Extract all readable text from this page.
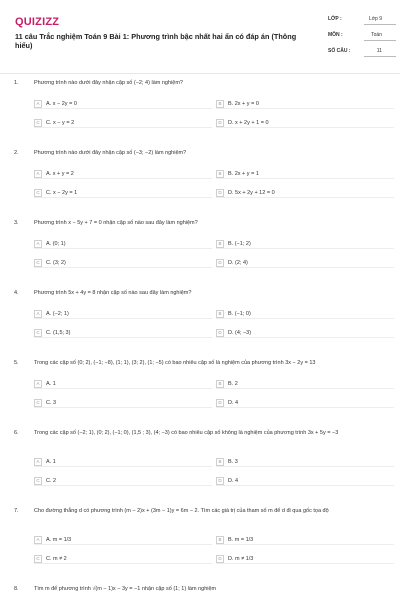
QUIZIZZ
11 câu Trắc nghiệm Toán 9 Bài 1: Phương trình bậc nhất hai ẩn có đáp án (Thông hiểu)
LỚP :	Lớp 9
MÔN :	Toán
SỐ CÂU :	11
1.	Phương trình nào dưới đây nhận cặp số (−2; 4) làm nghiệm?
A	A. x − 2y = 0	B	B. 2x + y = 0
C	C. x − y = 2	D	D. x + 2y + 1 = 0
2.	Phương trình nào dưới đây nhận cặp số (−3; −2) làm nghiệm?
A	A. x + y = 2	B	B. 2x + y = 1
C	C. x − 2y = 1	D	D. 5x + 2y + 12 = 0
3.	Phương trình x − 5y + 7 = 0 nhận cặp số nào sau đây làm nghiệm?
A	A. (0; 1)	B	B. (−1; 2)
C	C. (3; 2)	D	D. (2; 4)
4.	Phương trình 5x + 4y = 8 nhận cặp số nào sau đây làm nghiệm?
A	A. (−2; 1)	B	B. (−1; 0)
C	C. (1,5; 3)	D	D. (4; −3)
5.	Trong các cặp số (0; 2), (−1; −8), (1; 1), (3; 2), (1; −5) có bao nhiêu cặp số là nghiệm của phương trình 3x − 2y = 13
A	A. 1	B	B. 2
C	C. 3	D	D. 4
6.	Trong các cặp số (−2; 1), (0; 2), (−1; 0), (1,5 ; 3), (4; −3) có bao nhiêu cặp số không là nghiệm của phương trình 3x + 5y = −3
A	A. 1	B	B. 3
C	C. 2	D	D. 4
7.	Cho đường thẳng d có phương trình (m − 2)x + (3m − 1)y = 6m − 2. Tìm các giá trị của tham số m để d đi qua gốc tọa độ
A	A. m = 1/3	B	B. m = 1/3
C	C. m ≠ 2	D	D. m ≠ 1/3
8.	Tìm m để phương trình √(m − 1)x − 3y = −1 nhận cặp số (1; 1) làm nghiệm
